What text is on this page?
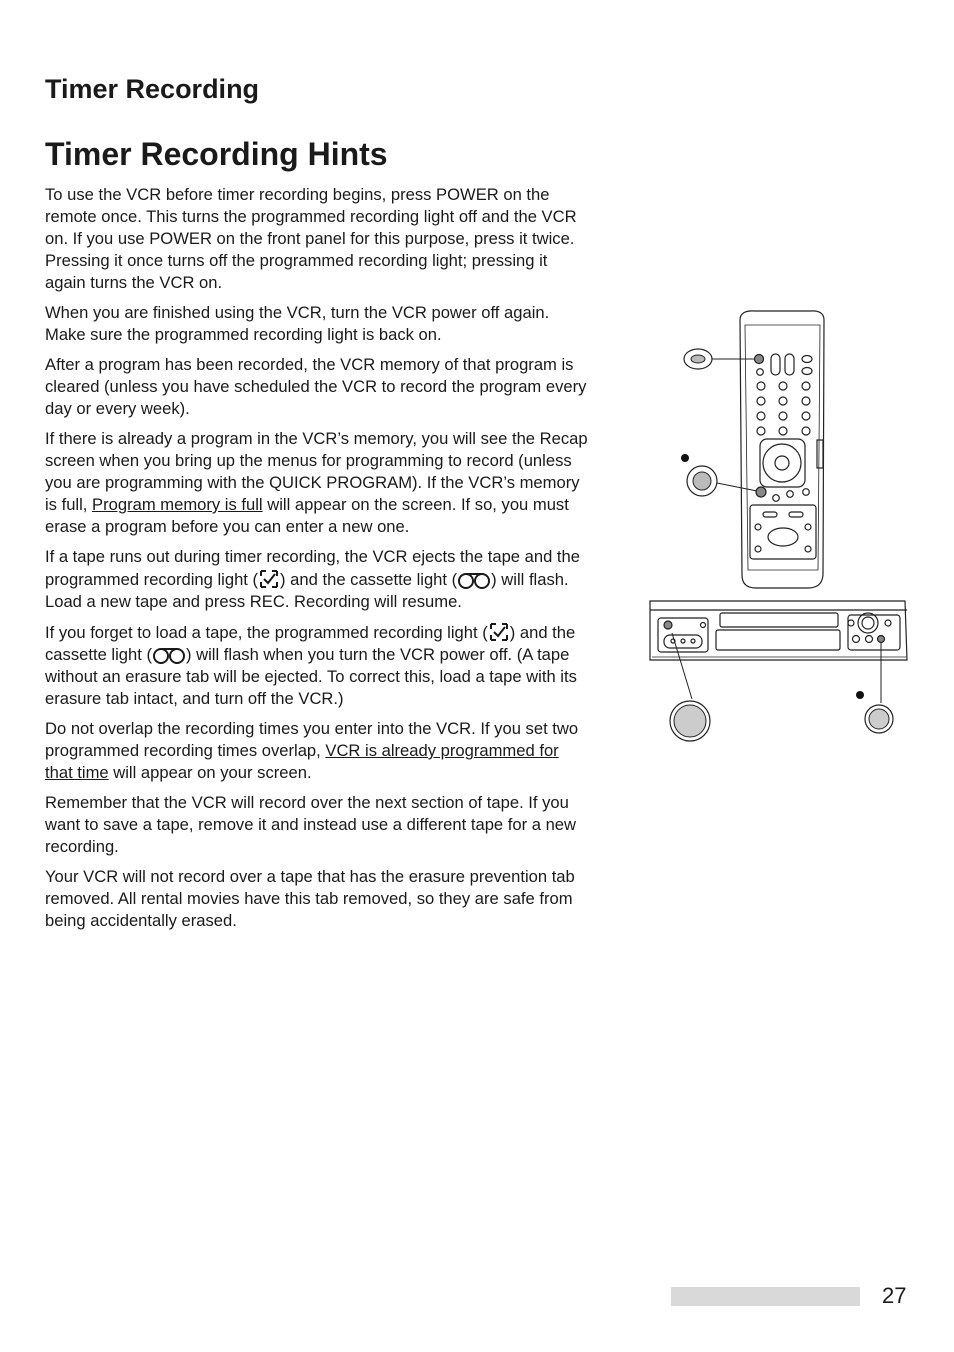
Timer Recording
Timer Recording Hints

To use the VCR before timer recording begins, press POWER on the remote once. This turns the programmed recording light off and the VCR on. If you use POWER on the front panel for this purpose, press it twice. Pressing it once turns off the programmed recording light; pressing it again turns the VCR on.

When you are finished using the VCR, turn the VCR power off again. Make sure the programmed recording light is back on.

After a program has been recorded, the VCR memory of that program is cleared (unless you have scheduled the VCR to record the program every day or every week).

If there is already a program in the VCR’s memory, you will see the Recap screen when you bring up the menus for programming to record (unless you are programming with the QUICK PROGRAM). If the VCR’s memory is full, Program memory is full will appear on the screen. If so, you must erase a program before you can enter a new one.

If a tape runs out during timer recording, the VCR ejects the tape and the programmed recording light ( ) and the cassette light ( ) will flash. Load a new tape and press REC. Recording will resume.

If you forget to load a tape, the programmed recording light ( ) and the cassette light ( ) will flash when you turn the VCR power off. (A tape without an erasure tab will be ejected. To correct this, load a tape with its erasure tab intact, and turn off the VCR.)

Do not overlap the recording times you enter into the VCR. If you set two programmed recording times overlap, VCR is already programmed for that time will appear on your screen.

Remember that the VCR will record over the next section of tape. If you want to save a tape, remove it and instead use a different tape for a new recording.

Your VCR will not record over a tape that has the erasure prevention tab removed. All rental movies have this tab removed, so they are safe from being accidentally erased.

27
